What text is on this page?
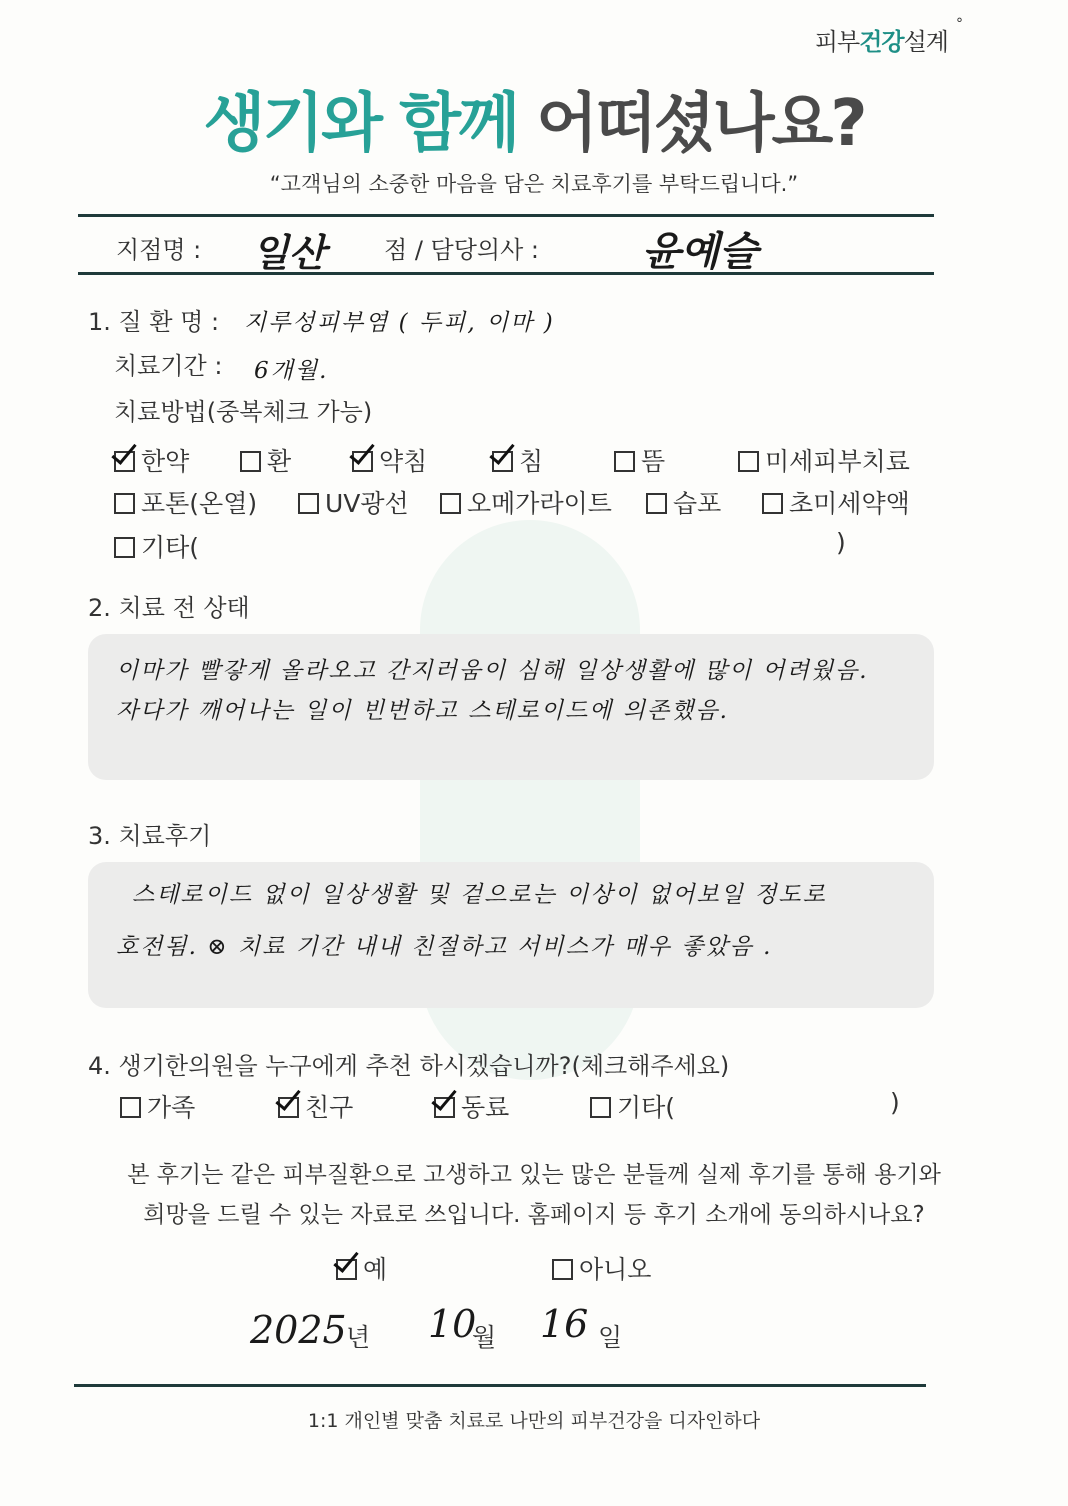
피부건강설계
°
생기와 함께 어떠셨나요?
“고객님의 소중한 마음을 담은 치료후기를 부탁드립니다.”
지점명 : 일산 점 / 담당의사 :	윤예슬
1. 질 환 명 : 지루성피부염 ( 두피, 이마 )
치료기간 : 6개월.
치료방법(중복체크 가능)
한약	환	약침	침	뜸	미세피부치료
포톤(온열)	UV광선	오메가라이트	습포	초미세약액
기타(	)
2. 치료 전 상태
이마가 빨갛게 올라오고 간지러움이 심해 일상생활에 많이 어려웠음.
자다가 깨어나는 일이 빈번하고 스테로이드에 의존했음.
3. 치료후기
스테로이드 없이 일상생활 및 겉으로는 이상이 없어보일 정도로
호전됨. ⊗ 치료 기간 내내 친절하고 서비스가 매우 좋았음 .
4. 생기한의원을 누구에게 추천 하시겠습니까?(체크해주세요)
가족	친구	동료	기타(	)
본 후기는 같은 피부질환으로 고생하고 있는 많은 분들께 실제 후기를 통해 용기와
희망을 드릴 수 있는 자료로 쓰입니다. 홈페이지 등 후기 소개에 동의하시나요?
예	아니오
2025 년 10
월 16 일
1:1 개인별 맞춤 치료로 나만의 피부건강을 디자인하다
